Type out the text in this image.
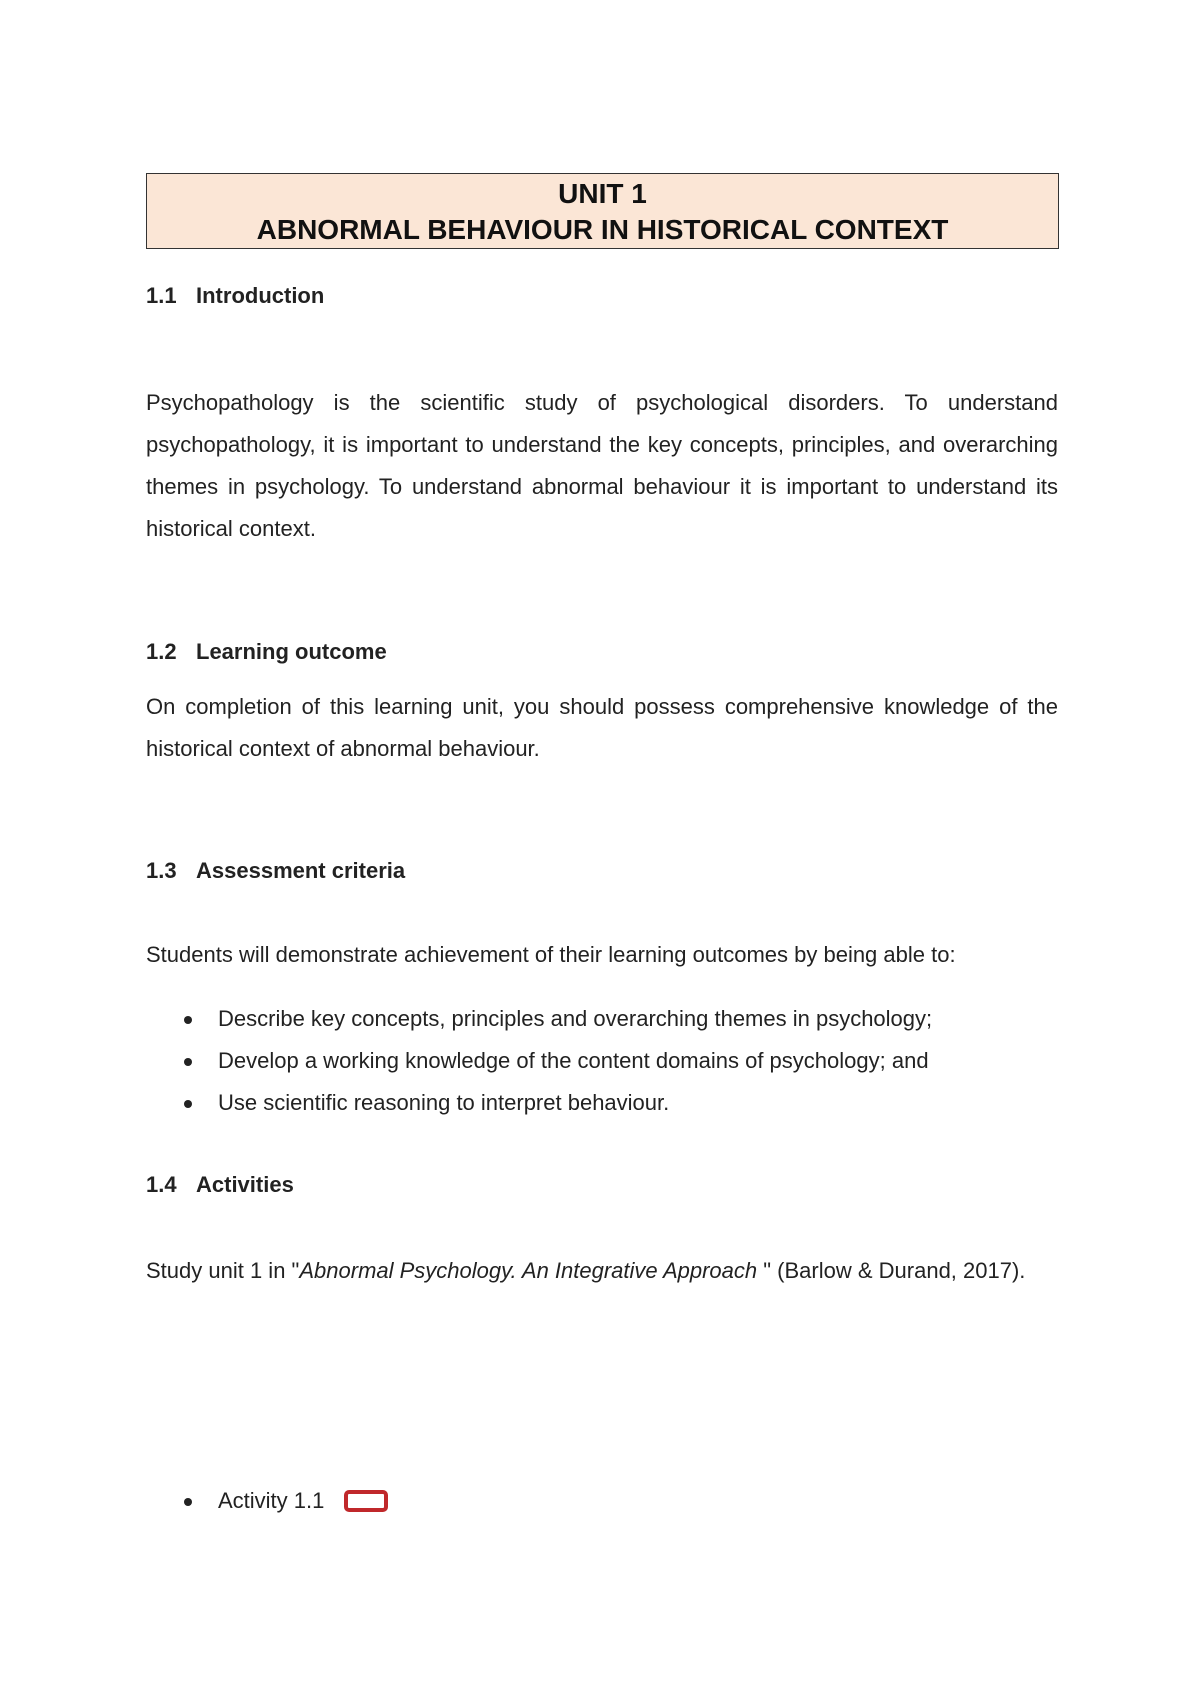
UNIT 1
ABNORMAL BEHAVIOUR IN HISTORICAL CONTEXT
1.1 Introduction

Psychopathology is the scientific study of psychological disorders. To understand psychopathology, it is important to understand the key concepts, principles, and overarching themes in psychology. To understand abnormal behaviour it is important to understand its historical context.

1.2 Learning outcome

On completion of this learning unit, you should possess comprehensive knowledge of the historical context of abnormal behaviour.

1.3 Assessment criteria

Students will demonstrate achievement of their learning outcomes by being able to:

Describe key concepts, principles and overarching themes in psychology;
Develop a working knowledge of the content domains of psychology; and
Use scientific reasoning to interpret behaviour.
1.4 Activities

Study unit 1 in "Abnormal Psychology. An Integrative Approach " (Barlow & Durand, 2017).

Activity 1.1
